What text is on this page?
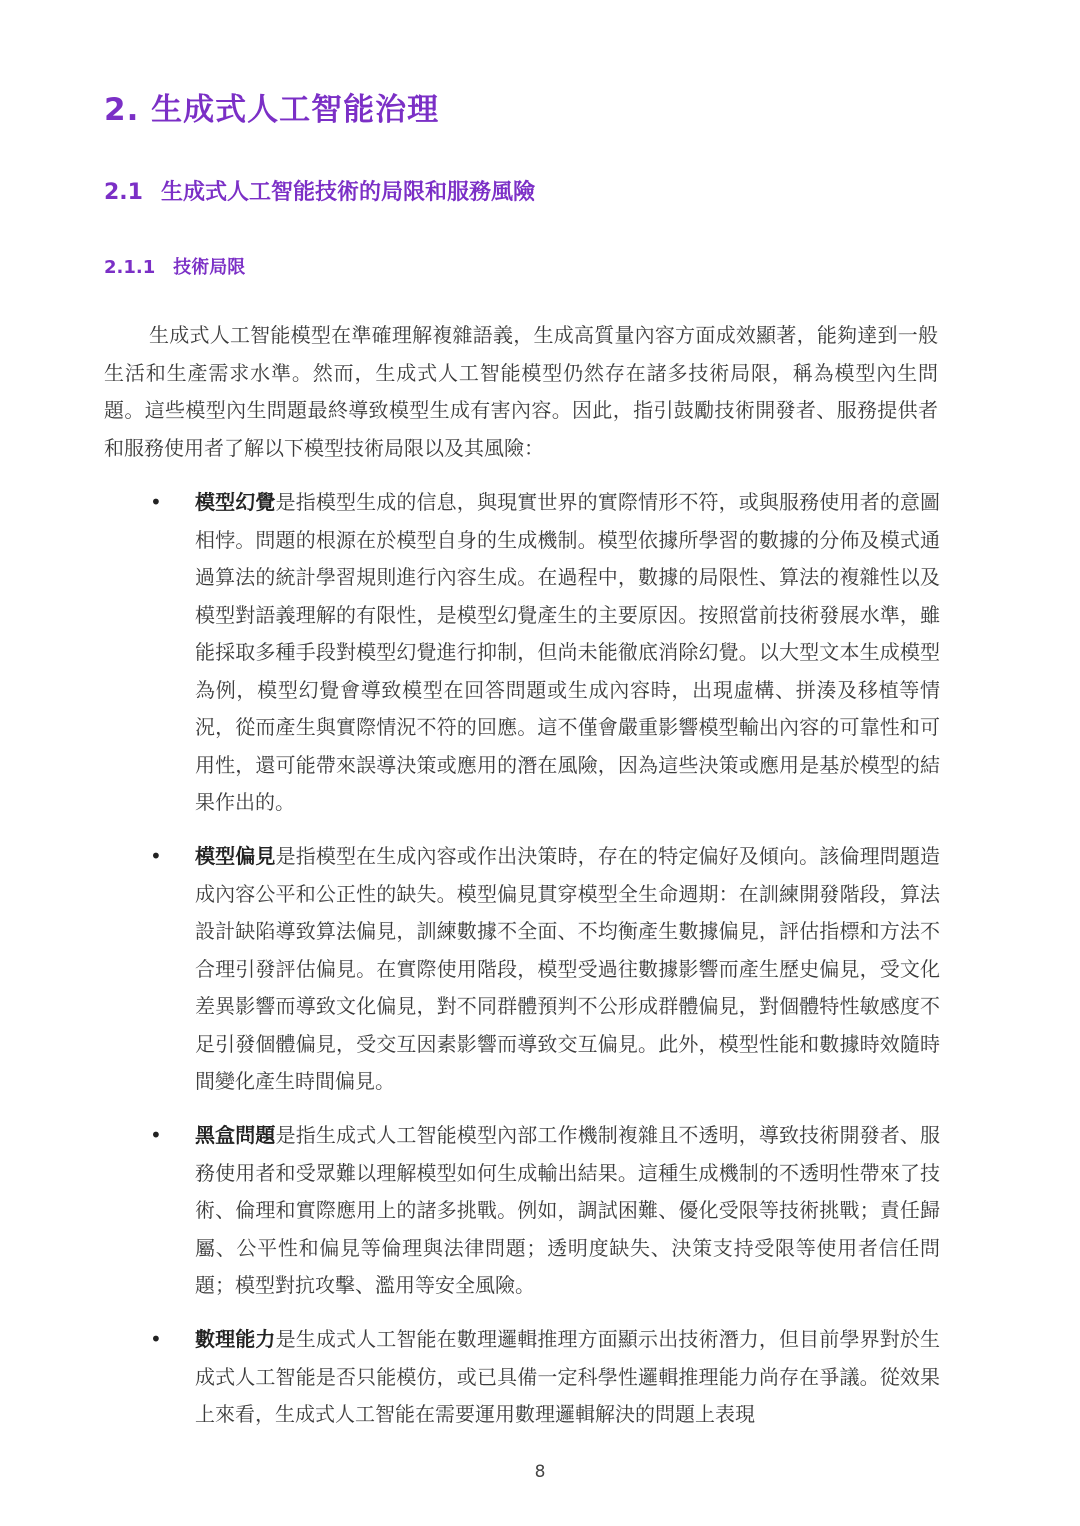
2. 生成式人工智能治理
2.1 生成式人工智能技術的局限和服務風險
2.1.1 技術局限

生成式人工智能模型在準確理解複雜語義，生成高質量內容方面成效顯著，能夠達到一般生活和生產需求水準。然而，生成式人工智能模型仍然存在諸多技術局限，稱為模型內生問題。這些模型內生問題最終導致模型生成有害內容。因此，指引鼓勵技術開發者、服務提供者和服務使用者了解以下模型技術局限以及其風險：

• 模型幻覺是指模型生成的信息，與現實世界的實際情形不符，或與服務使用者的意圖相悖。問題的根源在於模型自身的生成機制。模型依據所學習的數據的分佈及模式通過算法的統計學習規則進行內容生成。在過程中，數據的局限性、算法的複雜性以及模型對語義理解的有限性，是模型幻覺產生的主要原因。按照當前技術發展水準，雖能採取多種手段對模型幻覺進行抑制，但尚未能徹底消除幻覺。以大型文本生成模型為例，模型幻覺會導致模型在回答問題或生成內容時，出現虛構、拼湊及移植等情況，從而產生與實際情況不符的回應。這不僅會嚴重影響模型輸出內容的可靠性和可用性，還可能帶來誤導決策或應用的潛在風險，因為這些決策或應用是基於模型的結果作出的。

• 模型偏見是指模型在生成內容或作出決策時，存在的特定偏好及傾向。該倫理問題造成內容公平和公正性的缺失。模型偏見貫穿模型全生命週期：在訓練開發階段，算法設計缺陷導致算法偏見，訓練數據不全面、不均衡產生數據偏見，評估指標和方法不合理引發評估偏見。在實際使用階段，模型受過往數據影響而產生歷史偏見，受文化差異影響而導致文化偏見，對不同群體預判不公形成群體偏見，對個體特性敏感度不足引發個體偏見，受交互因素影響而導致交互偏見。此外，模型性能和數據時效隨時間變化產生時間偏見。

• 黑盒問題是指生成式人工智能模型內部工作機制複雜且不透明，導致技術開發者、服務使用者和受眾難以理解模型如何生成輸出結果。這種生成機制的不透明性帶來了技術、倫理和實際應用上的諸多挑戰。例如，調試困難、優化受限等技術挑戰；責任歸屬、公平性和偏見等倫理與法律問題；透明度缺失、決策支持受限等使用者信任問題；模型對抗攻擊、濫用等安全風險。

• 數理能力是生成式人工智能在數理邏輯推理方面顯示出技術潛力，但目前學界對於生成式人工智能是否只能模仿，或已具備一定科學性邏輯推理能力尚存在爭議。從效果上來看，生成式人工智能在需要運用數理邏輯解決的問題上表現

8
